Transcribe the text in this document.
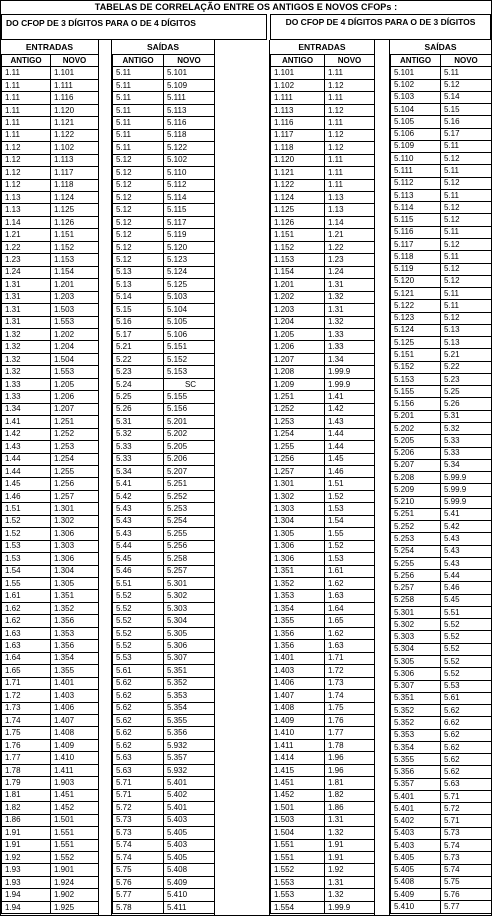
TABELAS DE CORRELAÇÃO ENTRE OS ANTIGOS E NOVOS CFOPs :
DO CFOP DE 3 DÍGITOS PARA O DE 4 DÍGITOS	DO CFOP DE 4 DÍGITOS PARA O DE 3 DÍGITOS
ENTRADAS	SAÍDAS	ENTRADAS	SAÍDAS
ANTIGO	NOVO
1.11	1.101
1.11	1.111
1.11	1.116
1.11	1.120
1.11	1.121
1.11	1.122
1.12	1.102
1.12	1.113
1.12	1.117
1.12	1.118
1.13	1.124
1.13	1.125
1.14	1.126
1.21	1.151
1.22	1.152
1.23	1.153
1.24	1.154
1.31	1.201
1.31	1.203
1.31	1.503
1.31	1.553
1.32	1.202
1.32	1.204
1.32	1.504
1.32	1.553
1.33	1.205
1.33	1.206
1.34	1.207
1.41	1.251
1.42	1.252
1.43	1.253
1.44	1.254
1.44	1.255
1.45	1.256
1.46	1.257
1.51	1.301
1.52	1.302
1.52	1.306
1.53	1.303
1.53	1.306
1.54	1.304
1.55	1.305
1.61	1.351
1.62	1.352
1.62	1.356
1.63	1.353
1.63	1.356
1.64	1.354
1.65	1.355
1.71	1.401
1.72	1.403
1.73	1.406
1.74	1.407
1.75	1.408
1.76	1.409
1.77	1.410
1.78	1.411
1.79	1.903
1.81	1.451
1.82	1.452
1.86	1.501
1.91	1.551
1.91	1.551
1.92	1.552
1.93	1.901
1.93	1.924
1.94	1.902
1.94	1.925
ANTIGO	NOVO
5.11	5.101
5.11	5.109
5.11	5.111
5.11	5.113
5.11	5.116
5.11	5.118
5.11	5.122
5.12	5.102
5.12	5.110
5.12	5.112
5.12	5.114
5.12	5.115
5.12	5.117
5.12	5.119
5.12	5.120
5.12	5.123
5.13	5.124
5.13	5.125
5.14	5.103
5.15	5.104
5.16	5.105
5.17	5.106
5.21	5.151
5.22	5.152
5.23	5.153
5.24	SC
5.25	5.155
5.26	5.156
5.31	5.201
5.32	5.202
5.33	5.205
5.33	5.206
5.34	5.207
5.41	5.251
5.42	5.252
5.43	5.253
5.43	5.254
5.43	5.255
5.44	5.256
5.45	5.258
5.46	5.257
5.51	5.301
5.52	5.302
5.52	5.303
5.52	5.304
5.52	5.305
5.52	5.306
5.53	5.307
5.61	5.351
5.62	5.352
5.62	5.353
5.62	5.354
5.62	5.355
5.62	5.356
5.62	5.932
5.63	5.357
5.63	5.932
5.71	5.401
5.71	5.402
5.72	5.401
5.73	5.403
5.73	5.405
5.74	5.403
5.74	5.405
5.75	5.408
5.76	5.409
5.77	5.410
5.78	5.411
ANTIGO	NOVO
1.101	1.11
1.102	1.12
1.111	1.11
1.113	1.12
1.116	1.11
1.117	1.12
1.118	1.12
1.120	1.11
1.121	1.11
1.122	1.11
1.124	1.13
1.125	1.13
1.126	1.14
1.151	1.21
1.152	1.22
1.153	1.23
1.154	1.24
1.201	1.31
1.202	1.32
1.203	1.31
1.204	1.32
1.205	1.33
1.206	1.33
1.207	1.34
1.208	1.99.9
1.209	1.99.9
1.251	1.41
1.252	1.42
1.253	1.43
1.254	1.44
1.255	1.44
1.256	1.45
1.257	1.46
1.301	1.51
1.302	1.52
1.303	1.53
1.304	1.54
1.305	1.55
1.306	1.52
1.306	1.53
1.351	1.61
1.352	1.62
1.353	1.63
1.354	1.64
1.355	1.65
1.356	1.62
1.356	1.63
1.401	1.71
1.403	1.72
1.406	1.73
1.407	1.74
1.408	1.75
1.409	1.76
1.410	1.77
1.411	1.78
1.414	1.96
1.415	1.96
1.451	1.81
1.452	1.82
1.501	1.86
1.503	1.31
1.504	1.32
1.551	1.91
1.551	1.91
1.552	1.92
1.553	1.31
1.553	1.32
1.554	1.99.9
ANTIGO	NOVO
5.101	5.11
5.102	5.12
5.103	5.14
5.104	5.15
5.105	5.16
5.106	5.17
5.109	5.11
5.110	5.12
5.111	5.11
5.112	5.12
5.113	5.11
5.114	5.12
5.115	5.12
5.116	5.11
5.117	5.12
5.118	5.11
5.119	5.12
5.120	5.12
5.121	5.11
5.122	5.11
5.123	5.12
5.124	5.13
5.125	5.13
5.151	5.21
5.152	5.22
5.153	5.23
5.155	5.25
5.156	5.26
5.201	5.31
5.202	5.32
5.205	5.33
5.206	5.33
5.207	5.34
5.208	5.99.9
5.209	5.99.9
5.210	5.99.9
5.251	5.41
5.252	5.42
5.253	5.43
5.254	5.43
5.255	5.43
5.256	5.44
5.257	5.46
5.258	5.45
5.301	5.51
5.302	5.52
5.303	5.52
5.304	5.52
5.305	5.52
5.306	5.52
5.307	5.53
5.351	5.61
5.352	5.62
5.352	6.62
5.353	5.62
5.354	5.62
5.355	5.62
5.356	5.62
5.357	5.63
5.401	5.71
5.401	5.72
5.402	5.71
5.403	5.73
5.403	5.74
5.405	5.73
5.405	5.74
5.408	5.75
5.409	5.76
5.410	5.77
